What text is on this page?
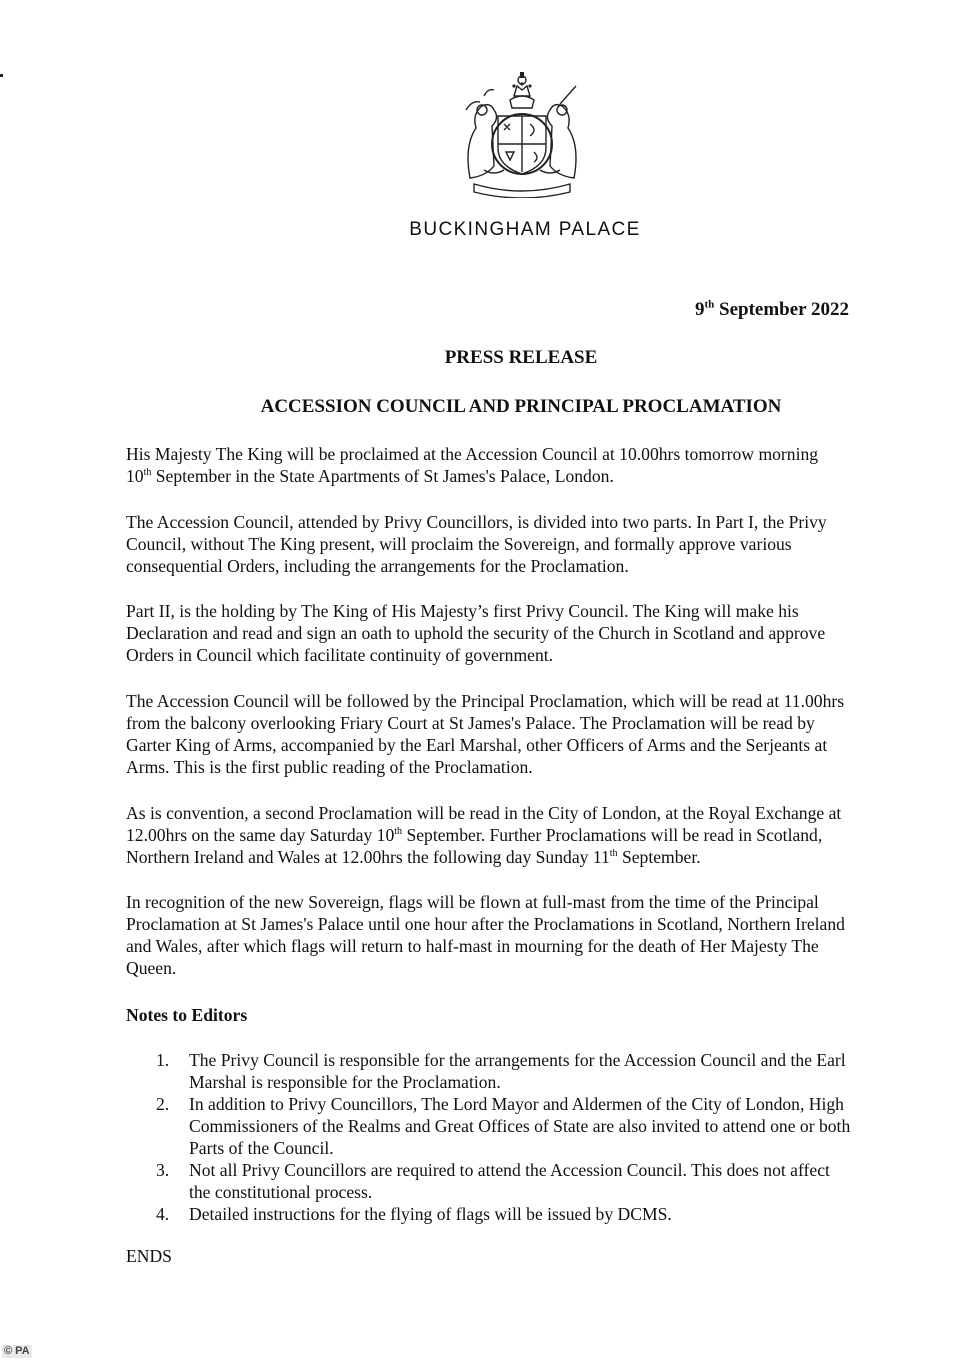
BUCKINGHAM PALACE
9th September 2022
PRESS RELEASE
ACCESSION COUNCIL AND PRINCIPAL PROCLAMATION

His Majesty The King will be proclaimed at the Accession Council at 10.00hrs tomorrow morning

10th September in the State Apartments of St James's Palace, London.

The Accession Council, attended by Privy Councillors, is divided into two parts. In Part I, the Privy

Council, without The King present, will proclaim the Sovereign, and formally approve various

consequential Orders, including the arrangements for the Proclamation.

Part II, is the holding by The King of His Majesty’s first Privy Council. The King will make his

Declaration and read and sign an oath to uphold the security of the Church in Scotland and approve

Orders in Council which facilitate continuity of government.

The Accession Council will be followed by the Principal Proclamation, which will be read at 11.00hrs

from the balcony overlooking Friary Court at St James's Palace. The Proclamation will be read by

Garter King of Arms, accompanied by the Earl Marshal, other Officers of Arms and the Serjeants at

Arms. This is the first public reading of the Proclamation.

As is convention, a second Proclamation will be read in the City of London, at the Royal Exchange at

12.00hrs on the same day Saturday 10th September. Further Proclamations will be read in Scotland,

Northern Ireland and Wales at 12.00hrs the following day Sunday 11th September.

In recognition of the new Sovereign, flags will be flown at full-mast from the time of the Principal

Proclamation at St James's Palace until one hour after the Proclamations in Scotland, Northern Ireland

and Wales, after which flags will return to half-mast in mourning for the death of Her Majesty The

Queen.

Notes to Editors
1. The Privy Council is responsible for the arrangements for the Accession Council and the Earl

Marshal is responsible for the Proclamation.

2. In addition to Privy Councillors, The Lord Mayor and Aldermen of the City of London, High

Commissioners of the Realms and Great Offices of State are also invited to attend one or both

Parts of the Council.

3. Not all Privy Councillors are required to attend the Accession Council. This does not affect

the constitutional process.

4. Detailed instructions for the flying of flags will be issued by DCMS.

ENDS
© PA
